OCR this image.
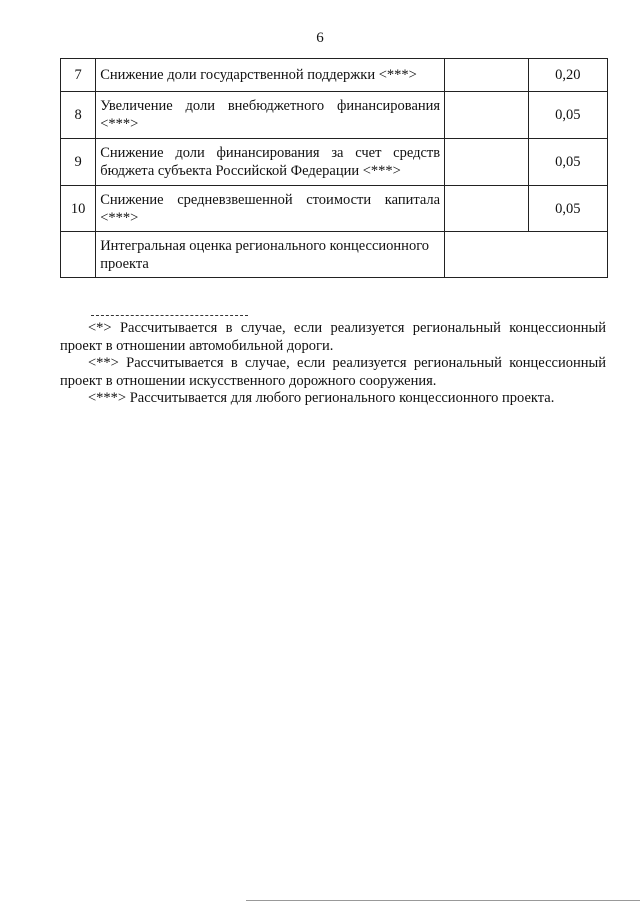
6
7	Снижение доли государственной поддержки <***>		0,20
8	Увеличение доли внебюджетного финансирования <***>		0,05
9	Снижение доли финансирования за счет средств бюджета субъекта Российской Федерации <***>		0,05
10	Снижение средневзвешенной стоимости капитала <***>		0,05
	Интегральная оценка регионального концессионного проекта		

<*> Рассчитывается в случае, если реализуется региональный концессионный проект в отношении автомобильной дороги.

<**> Рассчитывается в случае, если реализуется региональный концессионный проект в отношении искусственного дорожного сооружения.

<***> Рассчитывается для любого регионального концессионного проекта.
